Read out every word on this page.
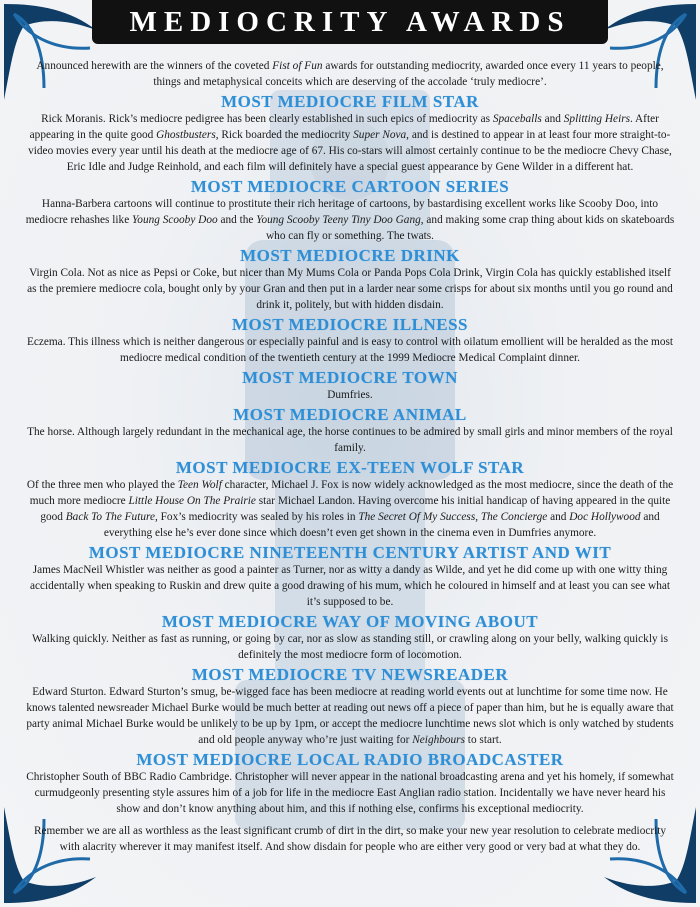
MEDIOCRITY AWARDS

Announced herewith are the winners of the coveted Fist of Fun awards for outstanding mediocrity, awarded once every 11 years to people, things and metaphysical conceits which are deserving of the accolade ‘truly mediocre’.

MOST MEDIOCRE FILM STAR

Rick Moranis. Rick’s mediocre pedigree has been clearly established in such epics of mediocrity as Spaceballs and Splitting Heirs. After appearing in the quite good Ghostbusters, Rick boarded the mediocrity Super Nova, and is destined to appear in at least four more straight-to-video movies every year until his death at the mediocre age of 67. His co-stars will almost certainly continue to be the mediocre Chevy Chase, Eric Idle and Judge Reinhold, and each film will definitely have a special guest appearance by Gene Wilder in a different hat.

MOST MEDIOCRE CARTOON SERIES

Hanna-Barbera cartoons will continue to prostitute their rich heritage of cartoons, by bastardising excellent works like Scooby Doo, into mediocre rehashes like Young Scooby Doo and the Young Scooby Teeny Tiny Doo Gang, and making some crap thing about kids on skateboards who can fly or something. The twats.

MOST MEDIOCRE DRINK

Virgin Cola. Not as nice as Pepsi or Coke, but nicer than My Mums Cola or Panda Pops Cola Drink, Virgin Cola has quickly established itself as the premiere mediocre cola, bought only by your Gran and then put in a larder near some crisps for about six months until you go round and drink it, politely, but with hidden disdain.

MOST MEDIOCRE ILLNESS

Eczema. This illness which is neither dangerous or especially painful and is easy to control with oilatum emollient will be heralded as the most mediocre medical condition of the twentieth century at the 1999 Mediocre Medical Complaint dinner.

MOST MEDIOCRE TOWN

Dumfries.

MOST MEDIOCRE ANIMAL

The horse. Although largely redundant in the mechanical age, the horse continues to be admired by small girls and minor members of the royal family.

MOST MEDIOCRE EX-TEEN WOLF STAR

Of the three men who played the Teen Wolf character, Michael J. Fox is now widely acknowledged as the most mediocre, since the death of the much more mediocre Little House On The Prairie star Michael Landon. Having overcome his initial handicap of having appeared in the quite good Back To The Future, Fox’s mediocrity was sealed by his roles in The Secret Of My Success, The Concierge and Doc Hollywood and everything else he’s ever done since which doesn’t even get shown in the cinema even in Dumfries anymore.

MOST MEDIOCRE NINETEENTH CENTURY ARTIST AND WIT

James MacNeil Whistler was neither as good a painter as Turner, nor as witty a dandy as Wilde, and yet he did come up with one witty thing accidentally when speaking to Ruskin and drew quite a good drawing of his mum, which he coloured in himself and at least you can see what it’s supposed to be.

MOST MEDIOCRE WAY OF MOVING ABOUT

Walking quickly. Neither as fast as running, or going by car, nor as slow as standing still, or crawling along on your belly, walking quickly is definitely the most mediocre form of locomotion.

MOST MEDIOCRE TV NEWSREADER

Edward Sturton. Edward Sturton’s smug, be-wigged face has been mediocre at reading world events out at lunchtime for some time now. He knows talented newsreader Michael Burke would be much better at reading out news off a piece of paper than him, but he is equally aware that party animal Michael Burke would be unlikely to be up by 1pm, or accept the mediocre lunchtime news slot which is only watched by students and old people anyway who’re just waiting for Neighbours to start.

MOST MEDIOCRE LOCAL RADIO BROADCASTER

Christopher South of BBC Radio Cambridge. Christopher will never appear in the national broadcasting arena and yet his homely, if somewhat curmudgeonly presenting style assures him of a job for life in the mediocre East Anglian radio station. Incidentally we have never heard his show and don’t know anything about him, and this if nothing else, confirms his exceptional mediocrity.

Remember we are all as worthless as the least significant crumb of dirt in the dirt, so make your new year resolution to celebrate mediocrity with alacrity wherever it may manifest itself. And show disdain for people who are either very good or very bad at what they do.
